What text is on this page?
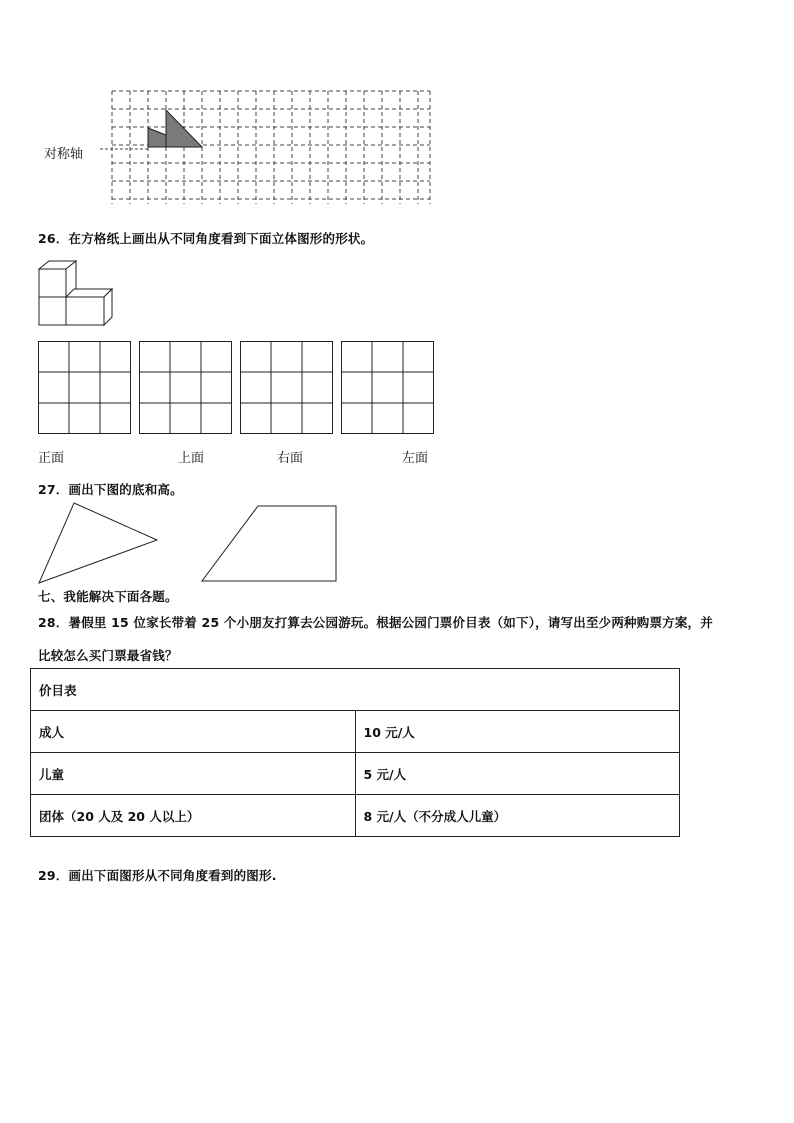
对称轴
26．在方格纸上画出从不同角度看到下面立体图形的形状。
正面	上面	右面	左面
27．画出下图的底和高。
七、我能解决下面各题。
28．暑假里 15 位家长带着 25 个小朋友打算去公园游玩。根据公园门票价目表（如下），请写出至少两种购票方案，并
比较怎么买门票最省钱？
价目表	
成人	10 元/人
儿童	5 元/人
团体（20 人及 20 人以上）	8 元/人（不分成人儿童）
29．画出下面图形从不同角度看到的图形.
